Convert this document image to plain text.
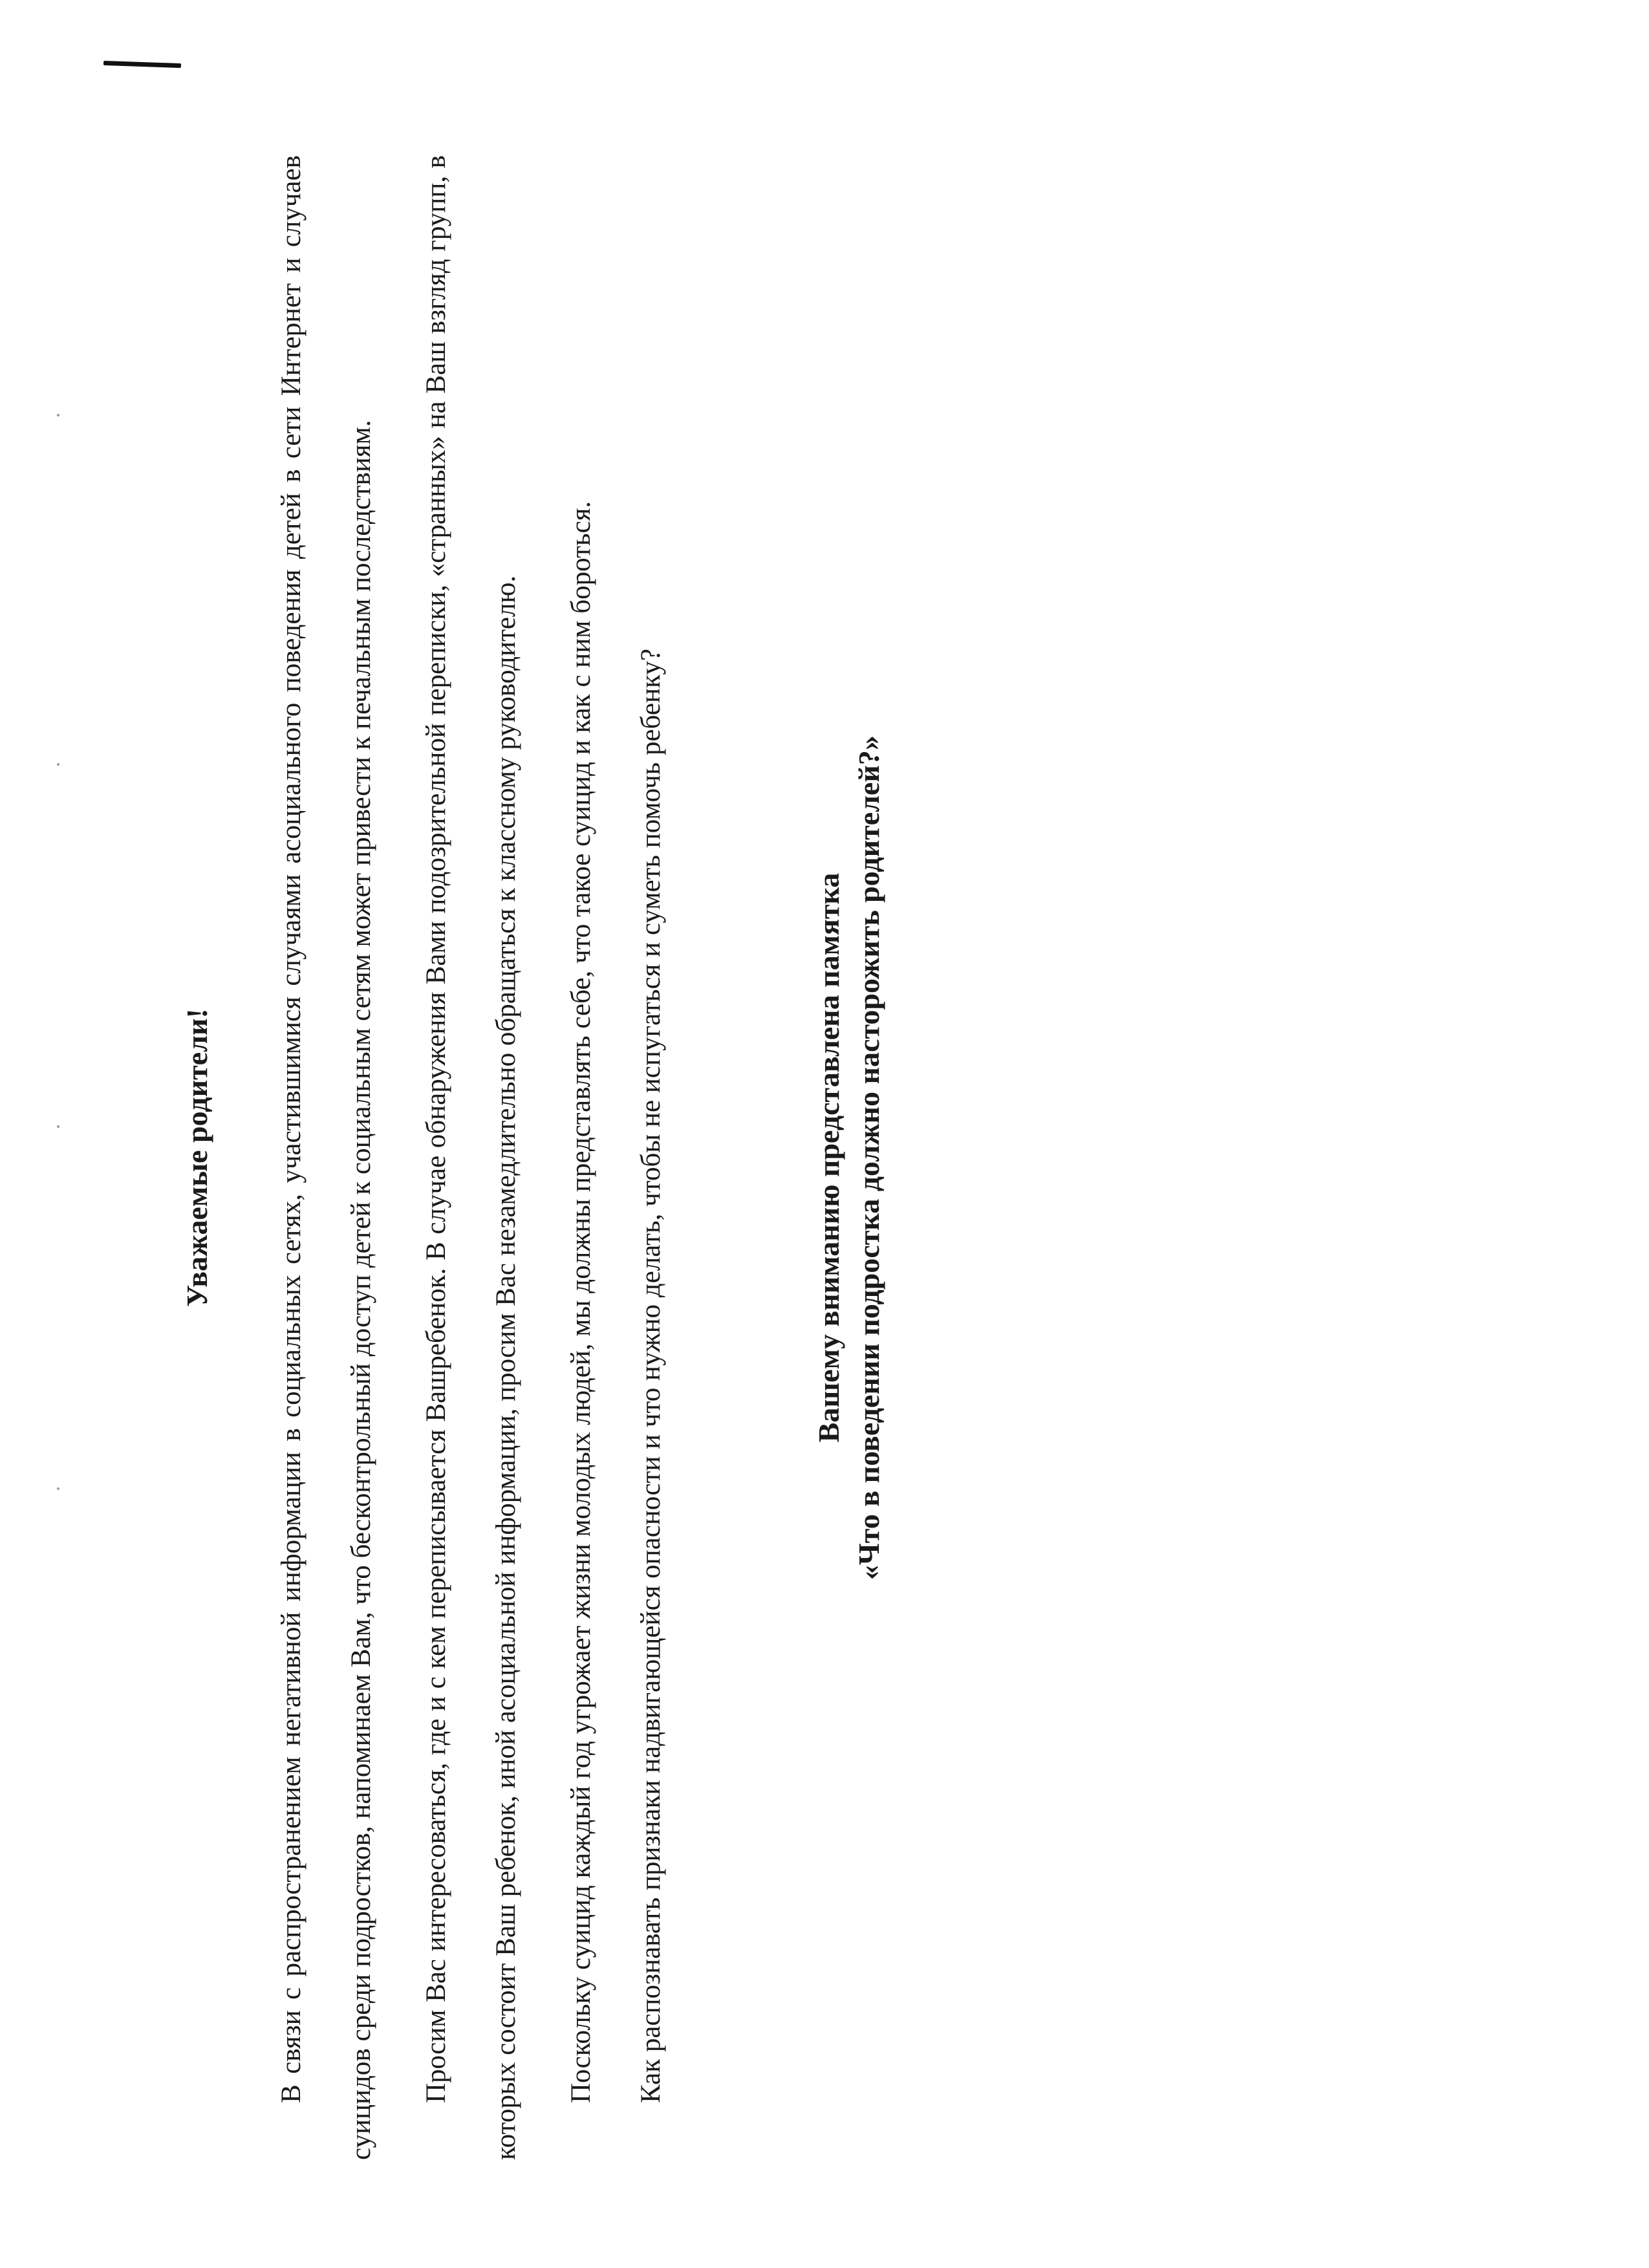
Уважаемые родители!	В связи с распространением негативной информации в социальных сетях, участившимися случаями асоциального поведения детей в сети Интернет и случаев суицидов среди подростков, напоминаем Вам, что бесконтрольный доступ детей к социальным сетям может привести к печальным последствиям.	Просим Вас интересоваться, где и с кем переписывается Вашребенок. В случае обнаружения Вами подозрительной переписки, «странных» на Ваш взгляд групп, в которых состоит Ваш ребенок, иной асоциальной информации, просим Вас незамедлительно обращаться к классному руководителю.	Поскольку суицид каждый год угрожает жизни молодых людей, мы должны представлять себе, что такое суицид и как с ним бороться.	Как распознавать признаки надвигающейся опасности и что нужно делать, чтобы не испугаться и суметь помочь ребенку?	Вашему вниманию представлена памятка «Что в поведении подростка должно насторожить родителей?»
